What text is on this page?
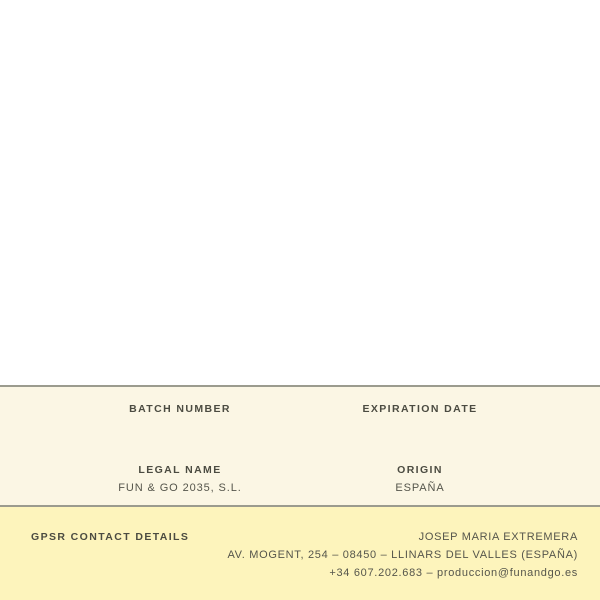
BATCH NUMBER	EXPIRATION DATE
LEGAL NAME
FUN & GO 2035, S.L.
ORIGIN
ESPAÑA
GPSR CONTACT DETAILS	JOSEP MARIA EXTREMERA
AV. MOGENT, 254 – 08450 – LLINARS DEL VALLES (ESPAÑA)
+34 607.202.683 – produccion@funandgo.es
